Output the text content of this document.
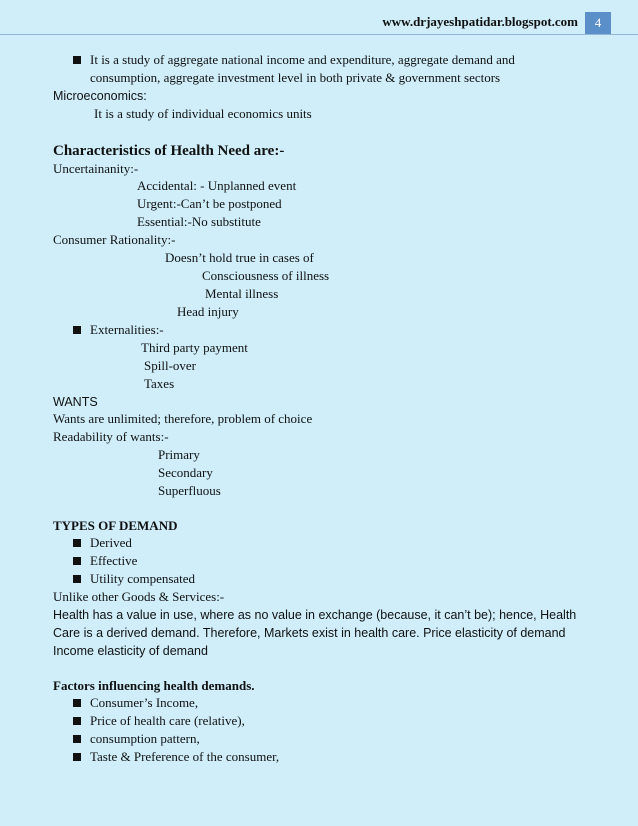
www.drjayeshpatidar.blogspot.com	4
It is a study of aggregate national income and expenditure, aggregate demand and
consumption, aggregate investment level in both private & government sectors
Microeconomics:
It is a study of individual economics units
Characteristics of Health Need are:-
Uncertainanity:-
Accidental: - Unplanned event
Urgent:-Can’t be postponed
Essential:-No substitute
Consumer Rationality:-
Doesn’t hold true in cases of
Consciousness of illness
Mental illness
Head injury
Externalities:-
Third party payment
Spill-over
Taxes
WANTS
Wants are unlimited; therefore, problem of choice
Readability of wants:-
Primary
Secondary
Superfluous
TYPES OF DEMAND
Derived
Effective
Utility compensated
Unlike other Goods & Services:-
Health has a value in use, where as no value in exchange (because, it can’t be); hence, Health
Care is a derived demand. Therefore, Markets exist in health care. Price elasticity of demand
Income elasticity of demand
Factors influencing health demands.
Consumer’s Income,
Price of health care (relative),
consumption pattern,
Taste & Preference of the consumer,
